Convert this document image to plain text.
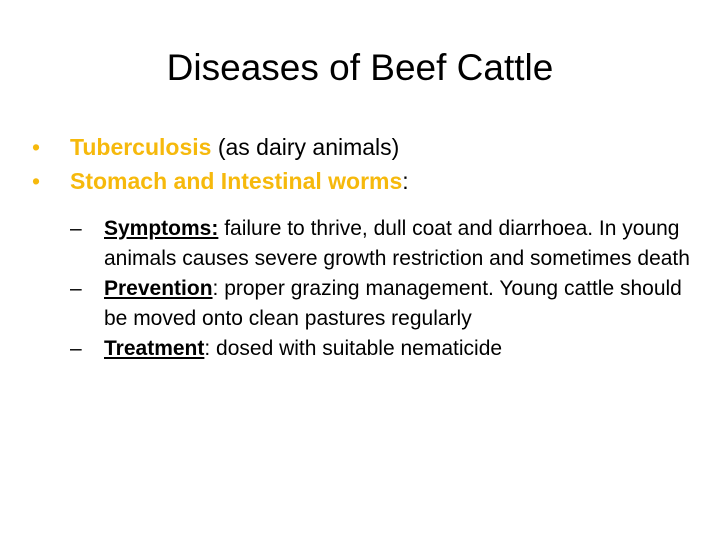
Diseases of Beef Cattle

• Tuberculosis (as dairy animals)

• Stomach and Intestinal worms:

– Symptoms: failure to thrive, dull coat and diarrhoea. In young animals causes severe growth restriction and sometimes death

– Prevention: proper grazing management. Young cattle should be moved onto clean pastures regularly

– Treatment: dosed with suitable nematicide
